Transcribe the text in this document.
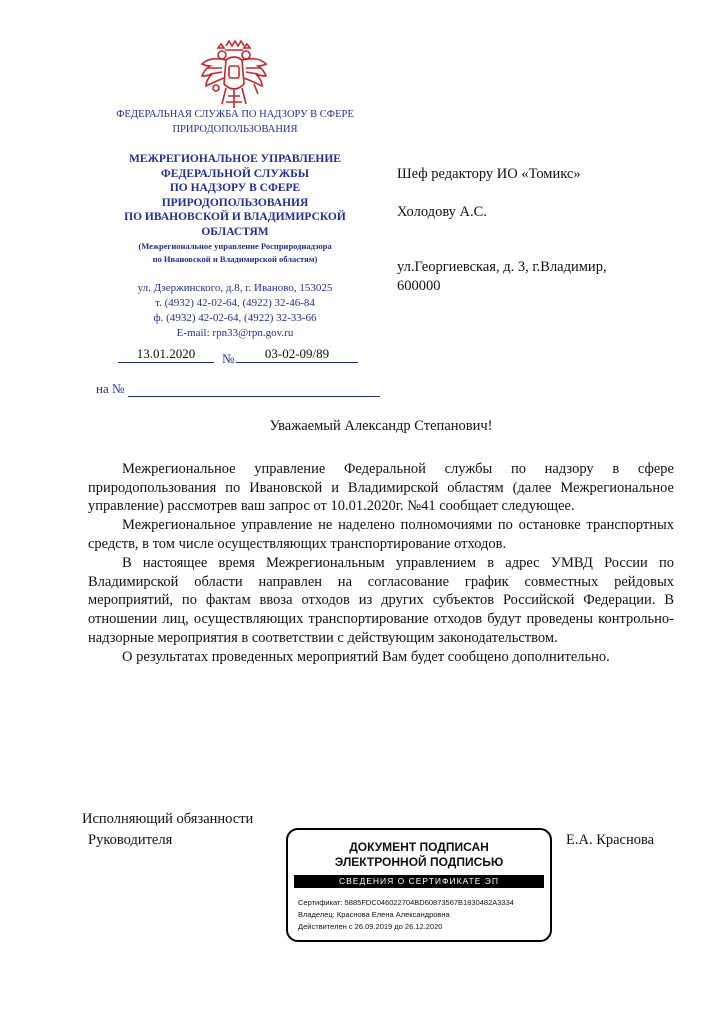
ФЕДЕРАЛЬНАЯ СЛУЖБА ПО НАДЗОРУ В СФЕРЕ
ПРИРОДОПОЛЬЗОВАНИЯ
МЕЖРЕГИОНАЛЬНОЕ УПРАВЛЕНИЕ
ФЕДЕРАЛЬНОЙ СЛУЖБЫ
ПО НАДЗОРУ В СФЕРЕ
ПРИРОДОПОЛЬЗОВАНИЯ
ПО ИВАНОВСКОЙ И ВЛАДИМИРСКОЙ
ОБЛАСТЯМ
(Межрегиональное управление Росприроднадзора
по Ивановской и Владимирской областям)
ул. Дзержинского, д.8, г. Иваново, 153025
т. (4932) 42-02-64, (4922) 32-46-84
ф. (4932) 42-02-64, (4922) 32-33-66
E-mail: rpn33@rpn.gov.ru
13.01.2020	№	03-02-09/89
на №
Шеф редактору ИО «Томикс»
Холодову А.С.
ул.Георгиевская, д. 3, г.Владимир,
600000
Уважаемый Александр Степанович!

Межрегиональное управление Федеральной службы по надзору в сфере природопользования по Ивановской и Владимирской областям (далее Межрегиональное управление) рассмотрев ваш запрос от 10.01.2020г. №41 сообщает следующее.

Межрегиональное управление не наделено полномочиями по остановке транспортных средств, в том числе осуществляющих транспортирование отходов.

В настоящее время Межрегиональным управлением в адрес УМВД России по Владимирской области направлен на согласование график совместных рейдовых мероприятий, по фактам ввоза отходов из других субъектов Российской Федерации. В отношении лиц, осуществляющих транспортирование отходов будут проведены контрольно-надзорные мероприятия в соответствии с действующим законодательством.

О результатах проведенных мероприятий Вам будет сообщено дополнительно.

Исполняющий обязанности
Руководителя	Е.А. Краснова
ДОКУМЕНТ ПОДПИСАН
ЭЛЕКТРОННОЙ ПОДПИСЬЮ
СВЕДЕНИЯ О СЕРТИФИКАТЕ ЭП
Сертификат: 5885FDC046022704BD60873567B1830482A3334
Владелец: Краснова Елена Александровна
Действителен с 26.09.2019 до 26.12.2020
